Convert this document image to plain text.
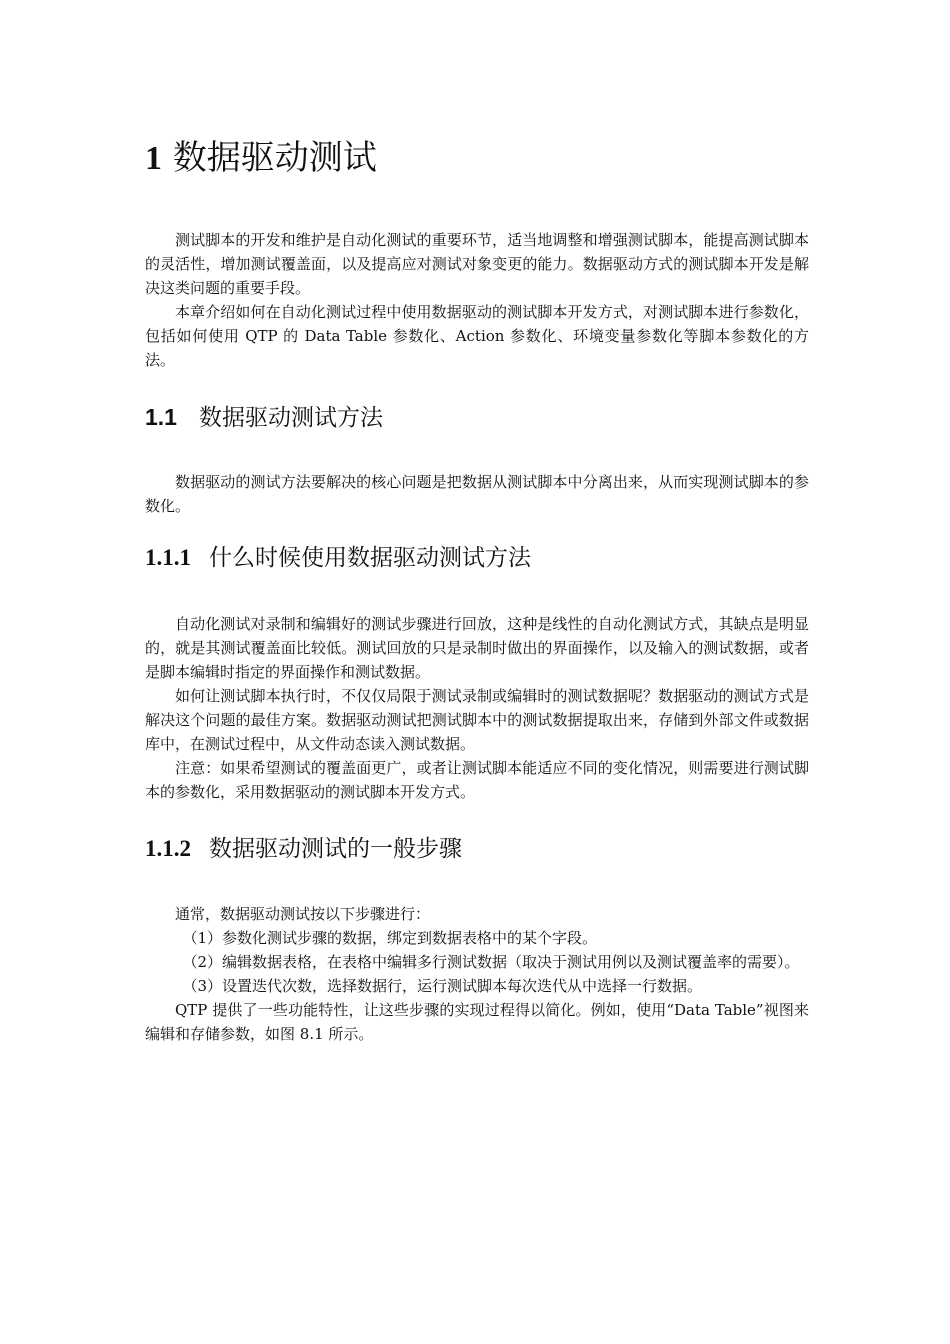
1 数据驱动测试

测试脚本的开发和维护是自动化测试的重要环节，适当地调整和增强测试脚本，能提高测试脚本的灵活性，增加测试覆盖面，以及提高应对测试对象变更的能力。数据驱动方式的测试脚本开发是解决这类问题的重要手段。

本章介绍如何在自动化测试过程中使用数据驱动的测试脚本开发方式，对测试脚本进行参数化，包括如何使用 QTP 的 Data Table 参数化、Action 参数化、环境变量参数化等脚本参数化的方法。

1.1 数据驱动测试方法

数据驱动的测试方法要解决的核心问题是把数据从测试脚本中分离出来，从而实现测试脚本的参数化。

1.1.1 什么时候使用数据驱动测试方法

自动化测试对录制和编辑好的测试步骤进行回放，这种是线性的自动化测试方式，其缺点是明显的，就是其测试覆盖面比较低。测试回放的只是录制时做出的界面操作，以及输入的测试数据，或者是脚本编辑时指定的界面操作和测试数据。

如何让测试脚本执行时，不仅仅局限于测试录制或编辑时的测试数据呢？数据驱动的测试方式是解决这个问题的最佳方案。数据驱动测试把测试脚本中的测试数据提取出来，存储到外部文件或数据库中，在测试过程中，从文件动态读入测试数据。

注意：如果希望测试的覆盖面更广，或者让测试脚本能适应不同的变化情况，则需要进行测试脚本的参数化，采用数据驱动的测试脚本开发方式。

1.1.2 数据驱动测试的一般步骤

通常，数据驱动测试按以下步骤进行：

（1）参数化测试步骤的数据，绑定到数据表格中的某个字段。

（2）编辑数据表格，在表格中编辑多行测试数据（取决于测试用例以及测试覆盖率的需要）。

（3）设置迭代次数，选择数据行，运行测试脚本每次迭代从中选择一行数据。

QTP 提供了一些功能特性，让这些步骤的实现过程得以简化。例如，使用“Data Table”视图来编辑和存储参数，如图 8.1 所示。
